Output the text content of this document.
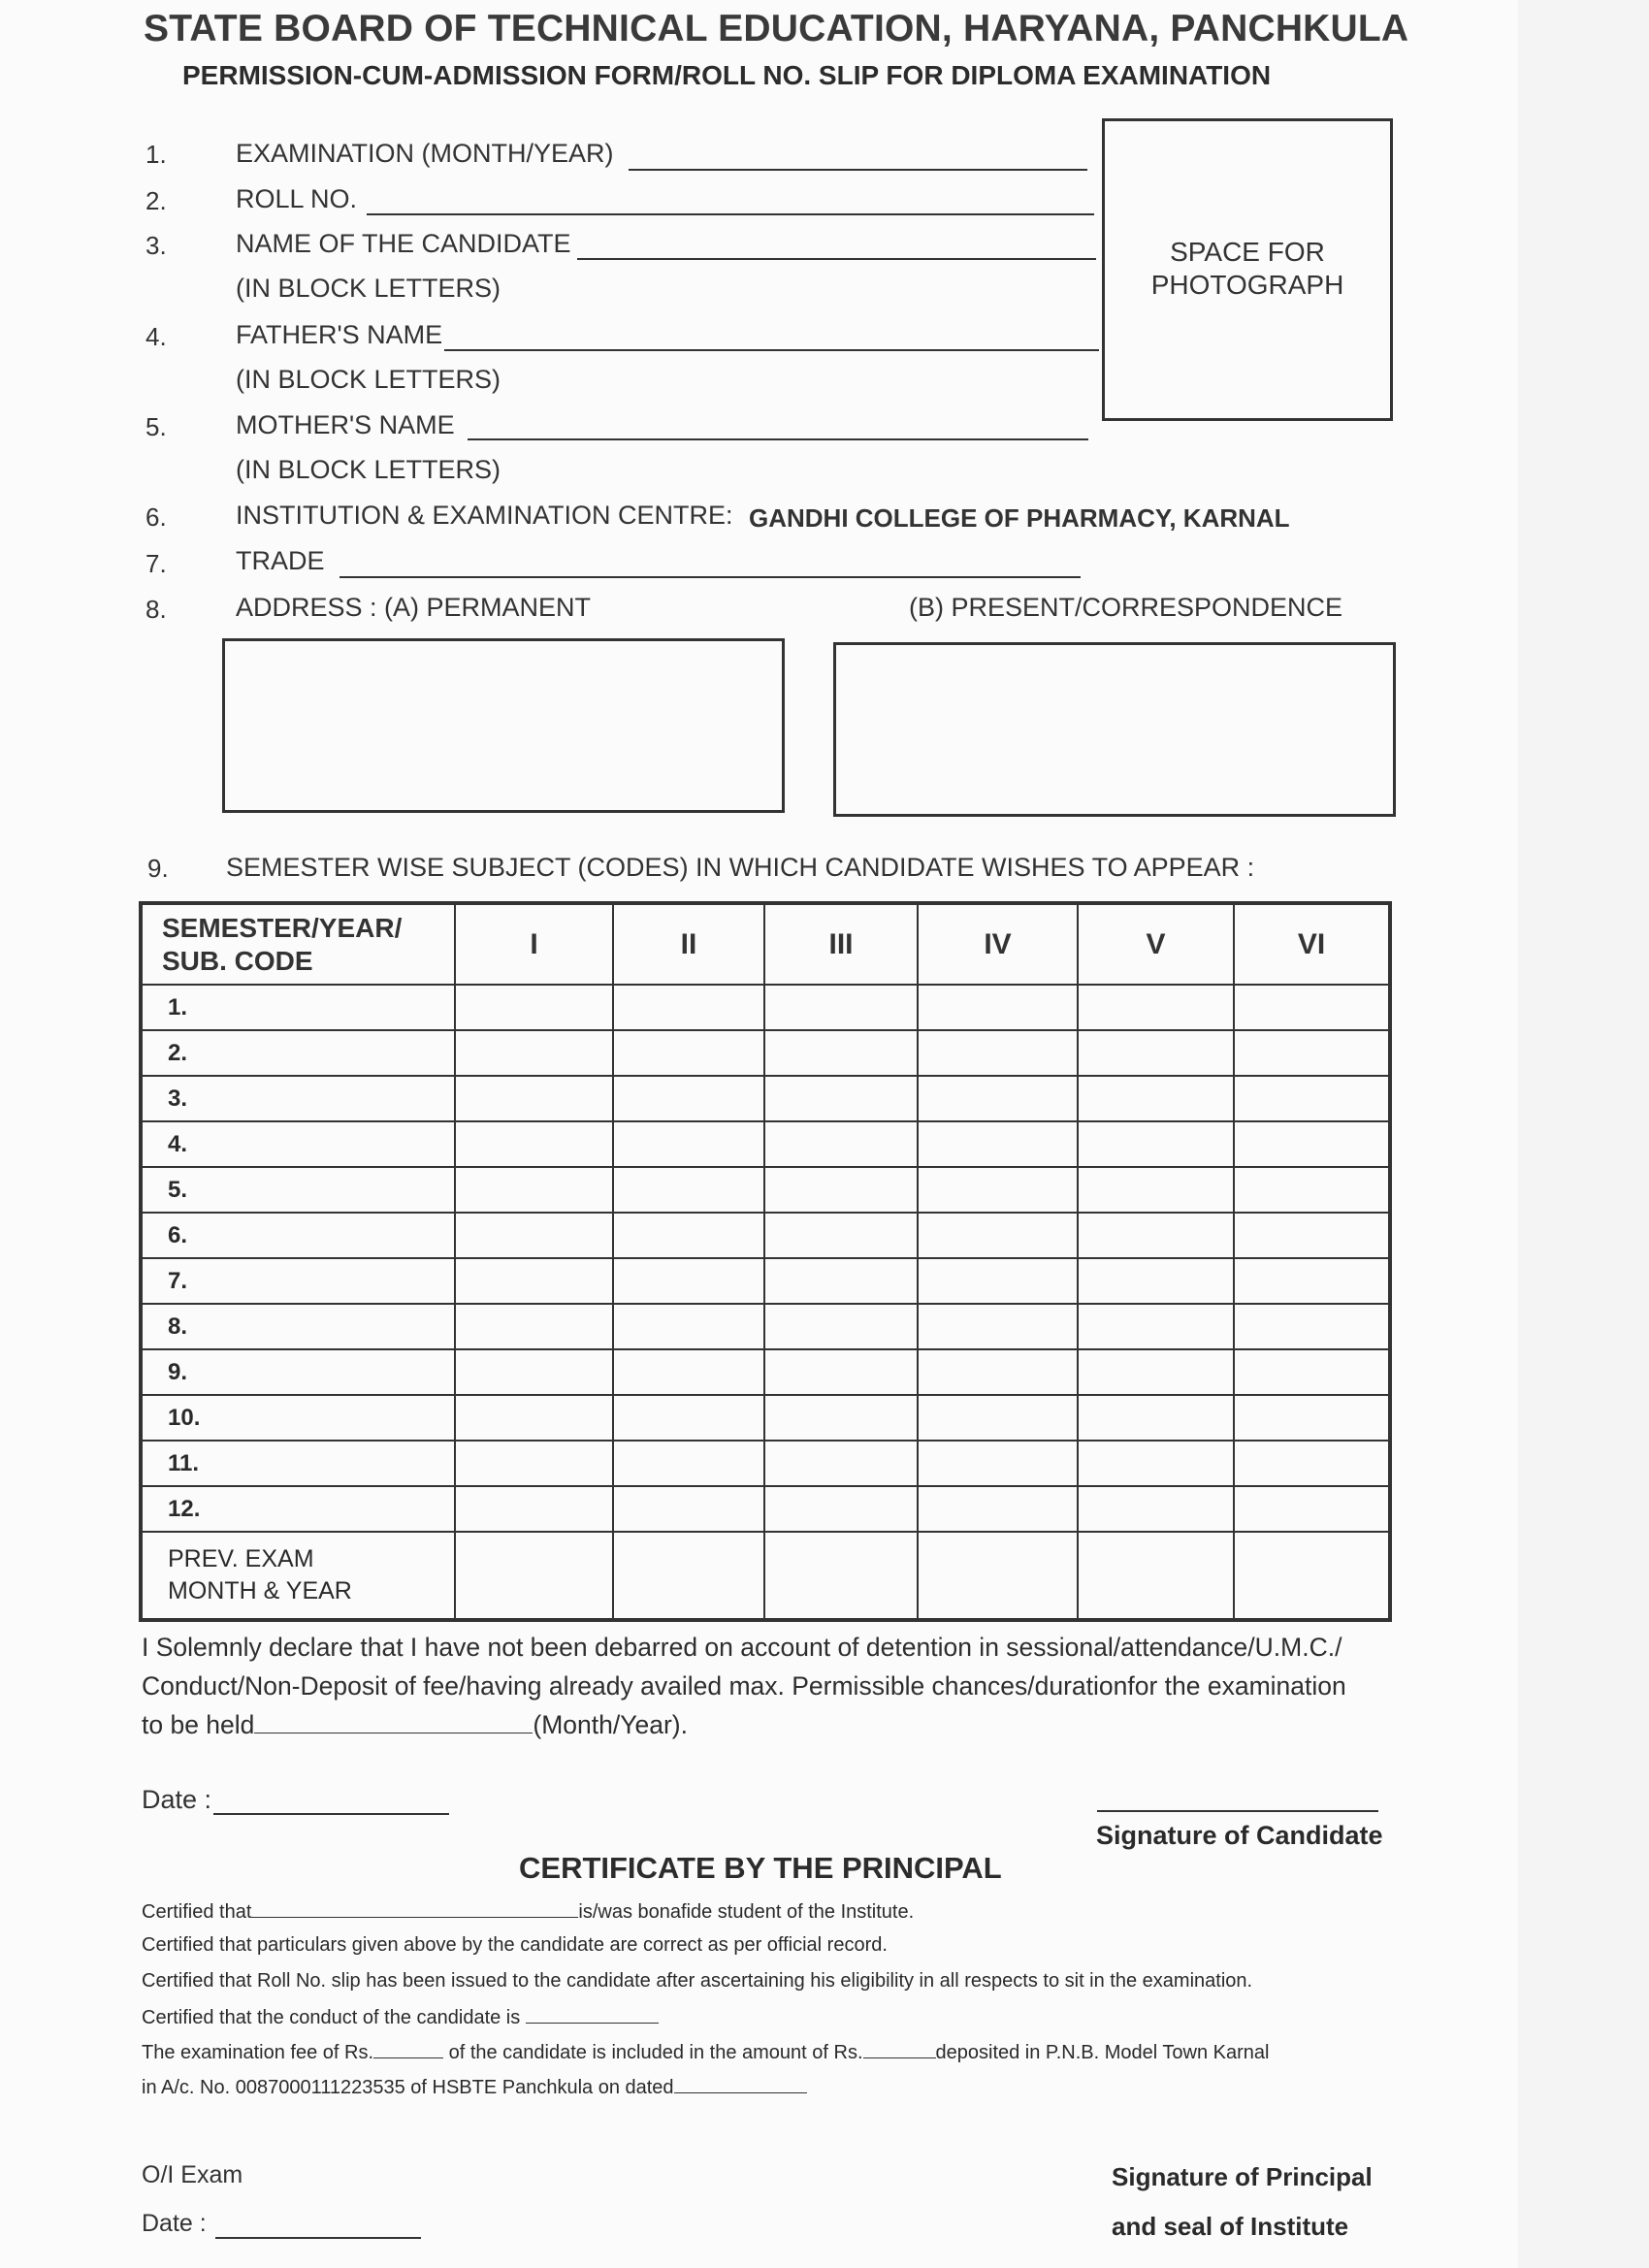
STATE BOARD OF TECHNICAL EDUCATION, HARYANA, PANCHKULA
PERMISSION-CUM-ADMISSION FORM/ROLL NO. SLIP FOR DIPLOMA EXAMINATION
SPACE FOR
PHOTOGRAPH
1.	EXAMINATION (MONTH/YEAR)
2.	ROLL NO.
3.	NAME OF THE CANDIDATE
(IN BLOCK LETTERS)
4.	FATHER'S NAME
(IN BLOCK LETTERS)
5.	MOTHER'S NAME
(IN BLOCK LETTERS)
6.	INSTITUTION & EXAMINATION CENTRE: GANDHI COLLEGE OF PHARMACY, KARNAL
7.	TRADE
8.	ADDRESS : (A) PERMANENT	(B) PRESENT/CORRESPONDENCE
9. SEMESTER WISE SUBJECT (CODES) IN WHICH CANDIDATE WISHES TO APPEAR :
SEMESTER/YEAR/
SUB. CODE	I	II	III	IV	V	VI
1.						
2.						
3.						
4.						
5.						
6.						
7.						
8.						
9.						
10.						
11.						
12.						

PREV. EXAM
MONTH & YEAR						

I Solemnly declare that I have not been debarred on account of detention in sessional/attendance/U.M.C./
Conduct/Non-Deposit of fee/having already availed max. Permissible chances/durationfor the examination
to be held	(Month/Year).
Date :
Signature of Candidate
CERTIFICATE BY THE PRINCIPAL
Certified that	is/was bonafide student of the Institute.
Certified that particulars given above by the candidate are correct as per official record.
Certified that Roll No. slip has been issued to the candidate after ascertaining his eligibility in all respects to sit in the examination.
Certified that the conduct of the candidate is
The examination fee of Rs.	of the candidate is included in the amount of Rs.	deposited in P.N.B. Model Town Karnal
in A/c. No. 0087000111223535 of HSBTE Panchkula on dated
O/I Exam
Date :
Signature of Principal
and seal of Institute
